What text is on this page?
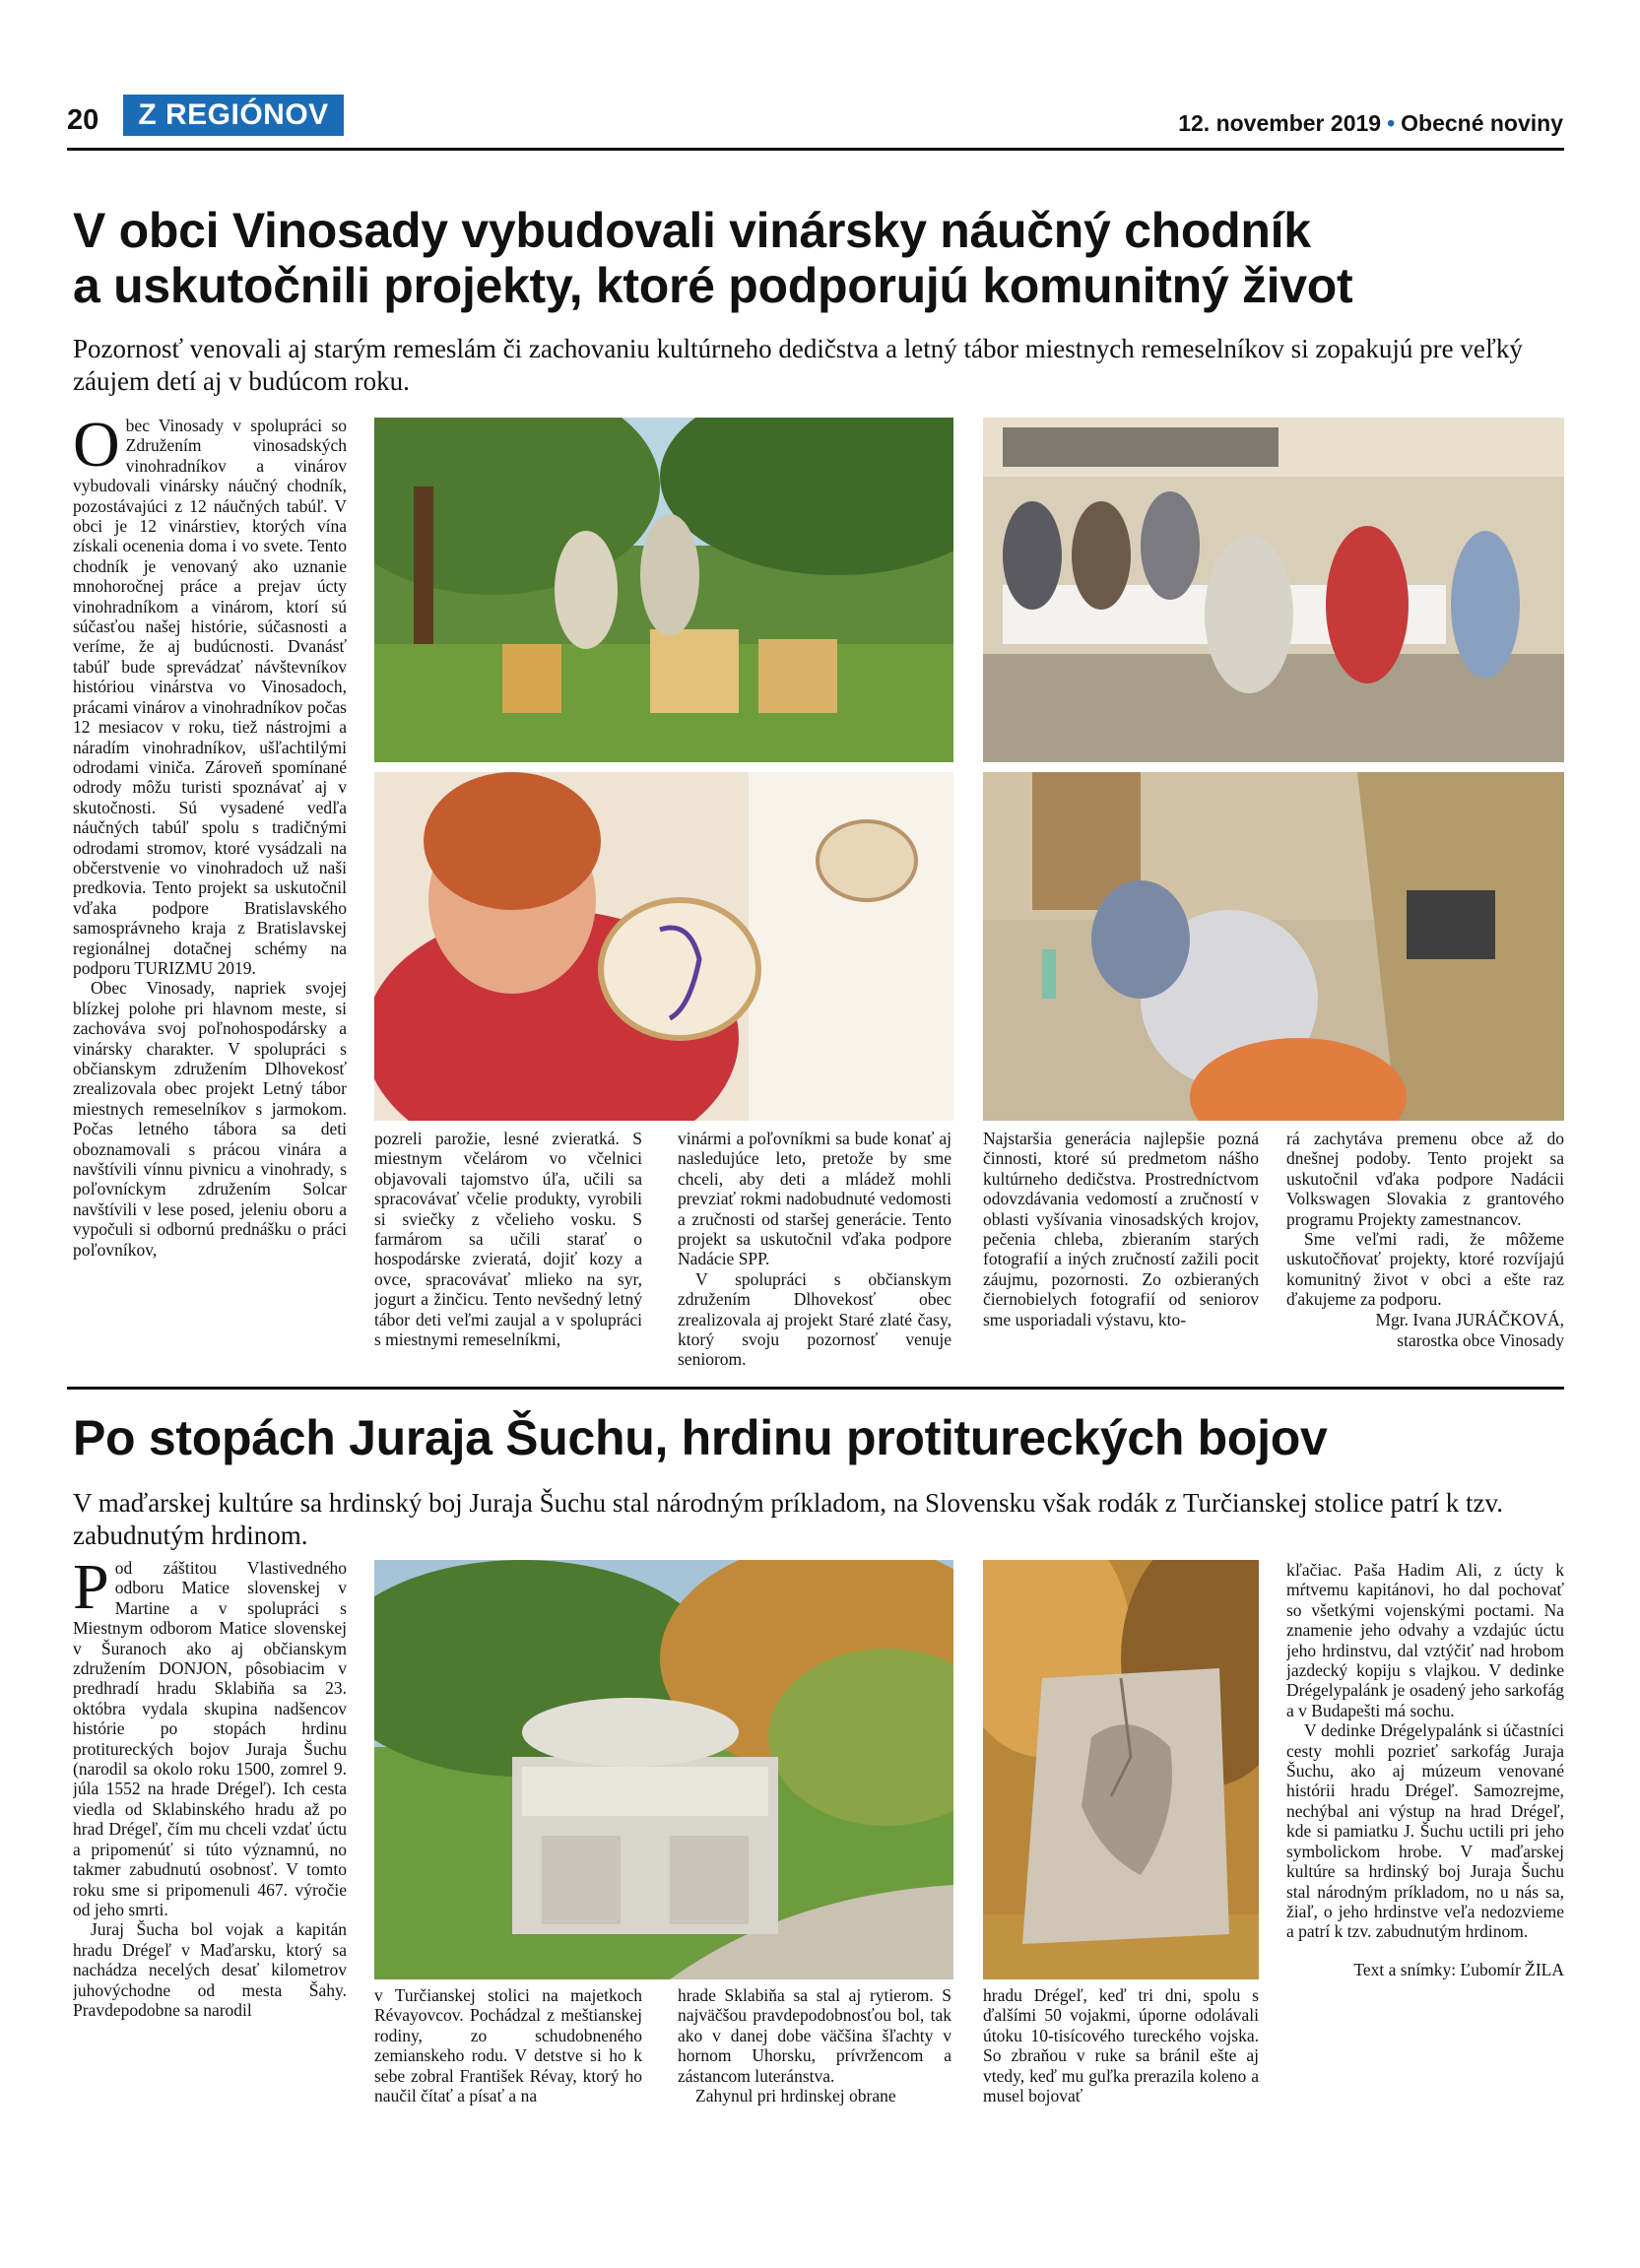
20	Z REGIÓNOV	12. november 2019 • Obecné noviny
V obci Vinosady vybudovali vinársky náučný chodník
a uskutočnili projekty, ktoré podporujú komunitný život
Pozornosť venovali aj starým remeslám či zachovaniu kultúrneho dedičstva a letný tábor miestnych remeselníkov si zopakujú pre veľký záujem detí aj v budúcom roku.

Obec Vinosady v spolupráci so Združením vinosadských vinohradníkov a vinárov vybudovali vinársky náučný chodník, pozostávajúci z 12 náučných tabúľ. V obci je 12 vinárstiev, ktorých vína získali ocenenia doma i vo svete. Tento chodník je venovaný ako uznanie mnohoročnej práce a prejav úcty vinohradníkom a vinárom, ktorí sú súčasťou našej histórie, súčasnosti a veríme, že aj budúcnosti. Dvanásť tabúľ bude sprevádzať návštevníkov históriou vinárstva vo Vinosadoch, prácami vinárov a vinohradníkov počas 12 mesiacov v roku, tiež nástrojmi a náradím vinohradníkov, ušľachtilými odrodami viniča. Zároveň spomínané odrody môžu turisti spoznávať aj v skutočnosti. Sú vysadené vedľa náučných tabúľ spolu s tradičnými odrodami stromov, ktoré vysádzali na občerstvenie vo vinohradoch už naši predkovia. Tento projekt sa uskutočnil vďaka podpore Bratislavského samosprávneho kraja z Bratislavskej regionálnej dotačnej schémy na podporu TURIZMU 2019.

Obec Vinosady, napriek svojej blízkej polohe pri hlavnom meste, si zachováva svoj poľnohospodársky a vinársky charakter. V spolupráci s občianskym združením Dlhovekosť zrealizovala obec projekt Letný tábor miestnych remeselníkov s jarmokom. Počas letného tábora sa deti oboznamovali s prácou vinára a navštívili vínnu pivnicu a vinohrady, s poľovníckym združením Solcar navštívili v lese posed, jeleniu oboru a vypočuli si odbornú prednášku o práci poľovníkov,

pozreli parožie, lesné zvieratká. S miestnym včelárom vo včelnici objavovali tajomstvo úľa, učili sa spracovávať včelie produkty, vyrobili si sviečky z včelieho vosku. S farmárom sa učili starať o hospodárske zvieratá, dojiť kozy a ovce, spracovávať mlieko na syr, jogurt a žinčicu. Tento nevšedný letný tábor deti veľmi zaujal a v spolupráci s miestnymi remeselníkmi,

vinármi a poľovníkmi sa bude konať aj nasledujúce leto, pretože by sme chceli, aby deti a mládež mohli prevziať rokmi nadobudnuté vedomosti a zručnosti od staršej generácie. Tento projekt sa uskutočnil vďaka podpore Nadácie SPP.

V spolupráci s občianskym združením Dlhovekosť obec zrealizovala aj projekt Staré zlaté časy, ktorý svoju pozornosť venuje seniorom.

Najstaršia generácia najlepšie pozná činnosti, ktoré sú predmetom nášho kultúrneho dedičstva. Prostredníctvom odovzdávania vedomostí a zručností v oblasti vyšívania vinosadských krojov, pečenia chleba, zbieraním starých fotografií a iných zručností zažili pocit záujmu, pozornosti. Zo ozbieraných čiernobielych fotografií od seniorov sme usporiadali výstavu, kto-

rá zachytáva premenu obce až do dnešnej podoby. Tento projekt sa uskutočnil vďaka podpore Nadácii Volkswagen Slovakia z grantového programu Projekty zamestnancov.

Sme veľmi radi, že môžeme uskutočňovať projekty, ktoré rozvíjajú komunitný život v obci a ešte raz ďakujeme za podporu.

Mgr. Ivana JURÁČKOVÁ,
starostka obce Vinosady
Po stopách Juraja Šuchu, hrdinu protitureckých bojov
V maďarskej kultúre sa hrdinský boj Juraja Šuchu stal národným príkladom, na Slovensku však rodák z Turčianskej stolice patrí k tzv. zabudnutým hrdinom.

Pod záštitou Vlastivedného odboru Matice slovenskej v Martine a v spolupráci s Miestnym odborom Matice slovenskej v Šuranoch ako aj občianskym združením DONJON, pôsobiacim v predhradí hradu Sklabiňa sa 23. októbra vydala skupina nadšencov histórie po stopách hrdinu protitureckých bojov Juraja Šuchu (narodil sa okolo roku 1500, zomrel 9. júla 1552 na hrade Drégeľ). Ich cesta viedla od Sklabinského hradu až po hrad Drégeľ, čím mu chceli vzdať úctu a pripomenúť si túto významnú, no takmer zabudnutú osobnosť. V tomto roku sme si pripomenuli 467. výročie od jeho smrti.

Juraj Šucha bol vojak a kapitán hradu Drégeľ v Maďarsku, ktorý sa nachádza necelých desať kilometrov juhovýchodne od mesta Šahy. Pravdepodobne sa narodil

v Turčianskej stolici na majetkoch Révayovcov. Pochádzal z meštianskej rodiny, zo schudobneného zemianskeho rodu. V detstve si ho k sebe zobral František Révay, ktorý ho naučil čítať a písať a na

hrade Sklabiňa sa stal aj rytierom. S najväčšou pravdepodobnosťou bol, tak ako v danej dobe väčšina šľachty v hornom Uhorsku, prívržencom a zástancom luteránstva.

Zahynul pri hrdinskej obrane

hradu Drégeľ, keď tri dni, spolu s ďalšími 50 vojakmi, úporne odolávali útoku 10-tisícového tureckého vojska. So zbraňou v ruke sa bránil ešte aj vtedy, keď mu guľka prerazila koleno a musel bojovať

kľačiac. Paša Hadim Ali, z úcty k mŕtvemu kapitánovi, ho dal pochovať so všetkými vojenskými poctami. Na znamenie jeho odvahy a vzdajúc úctu jeho hrdinstvu, dal vztýčiť nad hrobom jazdecký kopiju s vlajkou. V dedinke Drégelypalánk je osadený jeho sarkofág a v Budapešti má sochu.

V dedinke Drégelypalánk si účastníci cesty mohli pozrieť sarkofág Juraja Šuchu, ako aj múzeum venované histórii hradu Drégeľ. Samozrejme, nechýbal ani výstup na hrad Drégeľ, kde si pamiatku J. Šuchu uctili pri jeho symbolickom hrobe. V maďarskej kultúre sa hrdinský boj Juraja Šuchu stal národným príkladom, no u nás sa, žiaľ, o jeho hrdinstve veľa nedozvieme a patrí k tzv. zabudnutým hrdinom.

Text a snímky: Ľubomír ŽILA
